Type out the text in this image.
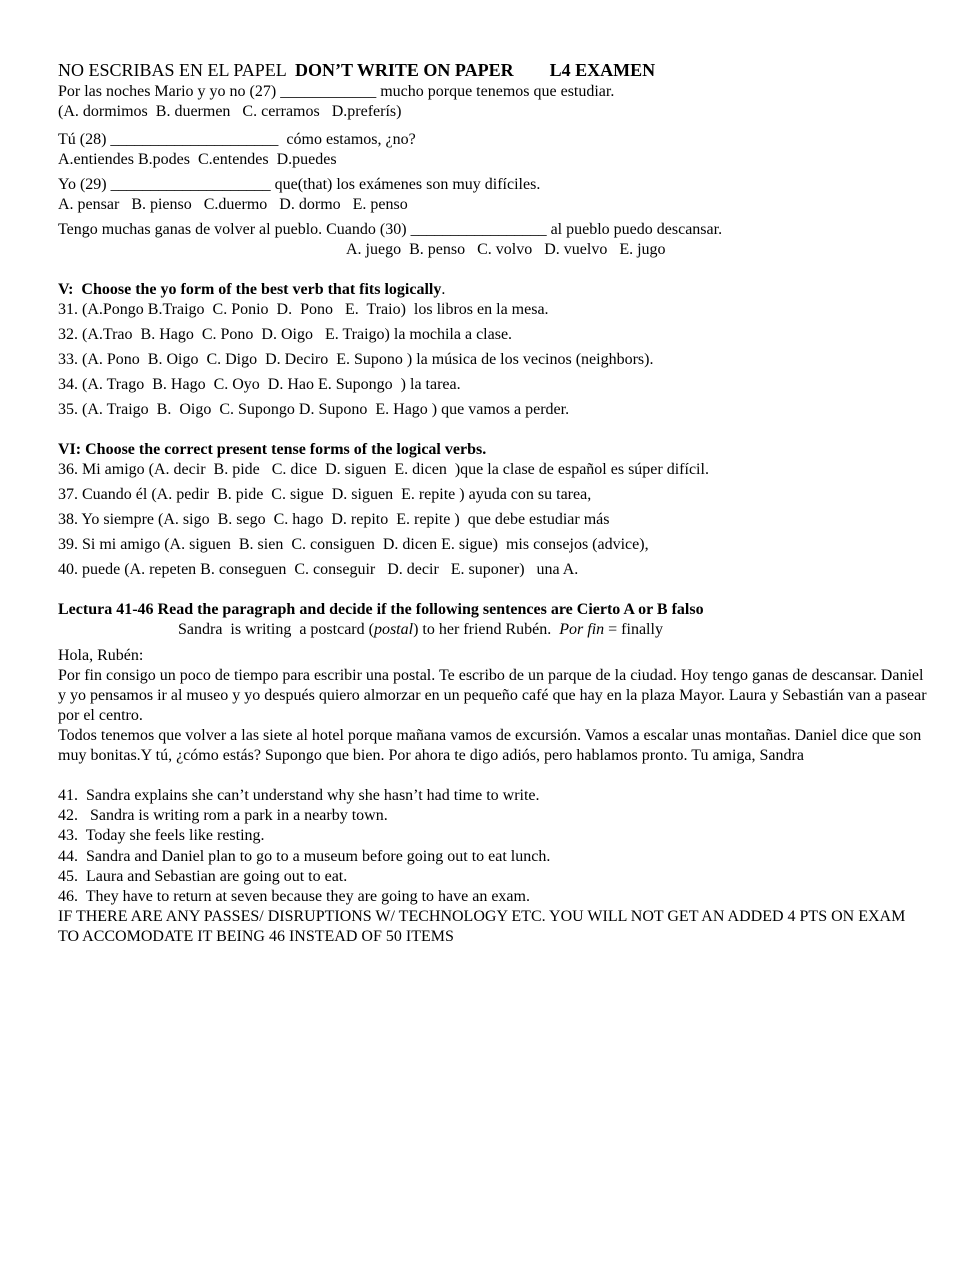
NO ESCRIBAS EN EL PAPEL DON’T WRITE ON PAPER L4 EXAMEN
Por las noches Mario y yo no (27) ____________ mucho porque tenemos que estudiar.
(A. dormimos  B. duermen   C. cerramos   D.preferís)
Tú (28) _____________________  cómo estamos, ¿no?
A.entiendes B.podes  C.entendes  D.puedes
Yo (29) ____________________ que(that) los exámenes son muy difíciles.
A. pensar   B. pienso   C.duermo   D. dormo   E. penso
Tengo muchas ganas de volver al pueblo. Cuando (30) _________________ al pueblo puedo descansar.
A. juego  B. penso   C. volvo   D. vuelvo   E. jugo
V:  Choose the yo form of the best verb that fits logically.
31. (A.Pongo B.Traigo  C. Ponio  D.  Pono   E.  Traio)  los libros en la mesa.
32. (A.Trao  B. Hago  C. Pono  D. Oigo   E. Traigo) la mochila a clase.
33. (A. Pono  B. Oigo  C. Digo  D. Deciro  E. Supono ) la música de los vecinos (neighbors).
34. (A. Trago  B. Hago  C. Oyo  D. Hao E. Supongo  ) la tarea.
35. (A. Traigo  B.  Oigo  C. Supongo D. Supono  E. Hago ) que vamos a perder.
VI: Choose the correct present tense forms of the logical verbs.
36. Mi amigo (A. decir  B. pide   C. dice  D. siguen  E. dicen  )que la clase de español es súper difícil.
37. Cuando él (A. pedir  B. pide  C. sigue  D. siguen  E. repite ) ayuda con su tarea,
38. Yo siempre (A. sigo  B. sego  C. hago  D. repito  E. repite )  que debe estudiar más
39. Si mi amigo (A. siguen  B. sien  C. consiguen  D. dicen E. sigue)  mis consejos (advice),
40. puede (A. repeten B. conseguen  C. conseguir   D. decir   E. suponer)   una A.
Lectura 41-46 Read the paragraph and decide if the following sentences are Cierto A or B falso
Sandra  is writing  a postcard (postal) to her friend Rubén.  Por fin = finally
Hola, Rubén:

Por fin consigo un poco de tiempo para escribir una postal. Te escribo de un parque de la ciudad. Hoy tengo ganas de descansar. Daniel y yo pensamos ir al museo y yo después quiero almorzar en un pequeño café que hay en la plaza Mayor. Laura y Sebastián van a pasear por el centro.

Todos tenemos que volver a las siete al hotel porque mañana vamos de excursión. Vamos a escalar unas montañas. Daniel dice que son muy bonitas.Y tú, ¿cómo estás? Supongo que bien. Por ahora te digo adiós, pero hablamos pronto. Tu amiga, Sandra

41.  Sandra explains she can’t understand why she hasn’t had time to write.
42.   Sandra is writing rom a park in a nearby town.
43.  Today she feels like resting.
44.  Sandra and Daniel plan to go to a museum before going out to eat lunch.
45.  Laura and Sebastian are going out to eat.
46.  They have to return at seven because they are going to have an exam.

IF THERE ARE ANY PASSES/ DISRUPTIONS W/ TECHNOLOGY ETC. YOU WILL NOT GET AN ADDED 4 PTS ON EXAM TO ACCOMODATE IT BEING 46 INSTEAD OF 50 ITEMS
